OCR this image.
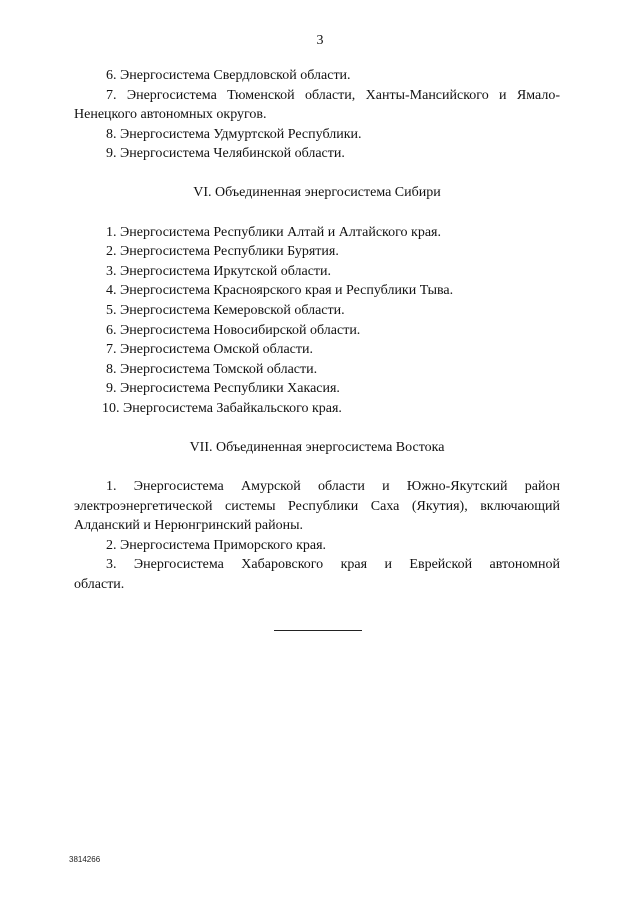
3

6. Энергосистема Свердловской области.

7. Энергосистема Тюменской области, Ханты-Мансийского и Ямало-

Ненецкого автономных округов.

8. Энергосистема Удмуртской Республики.

9. Энергосистема Челябинской области.

VI. Объединенная энергосистема Сибири

1. Энергосистема Республики Алтай и Алтайского края.

2. Энергосистема Республики Бурятия.

3. Энергосистема Иркутской области.

4. Энергосистема Красноярского края и Республики Тыва.

5. Энергосистема Кемеровской области.

6. Энергосистема Новосибирской области.

7. Энергосистема Омской области.

8. Энергосистема Томской области.

9. Энергосистема Республики Хакасия.

10. Энергосистема Забайкальского края.

VII. Объединенная энергосистема Востока

1. Энергосистема Амурской области и Южно-Якутский район

электроэнергетической системы Республики Саха (Якутия), включающий

Алданский и Нерюнгринский районы.

2. Энергосистема Приморского края.

3. Энергосистема Хабаровского края и Еврейской автономной

области.

3814266
